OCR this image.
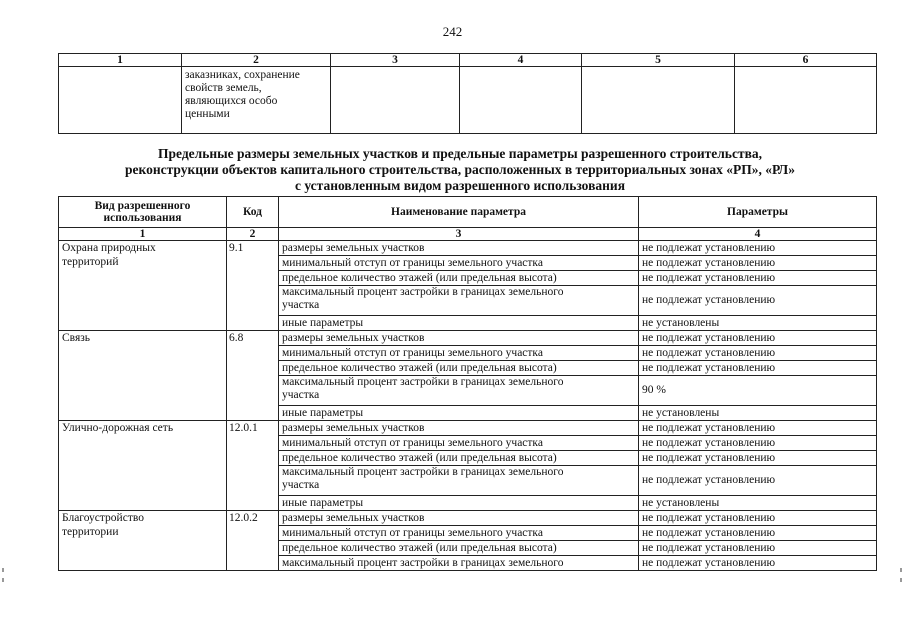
242
1	2	3	4	5	6

	заказниках, сохранение
свойств земель,
являющихся особо
ценными				

Предельные размеры земельных участков и предельные параметры разрешенного строительства,
реконструкции объектов капитального строительства, расположенных в территориальных зонах «РП», «РЛ»
с установленным видом разрешенного использования
Вид разрешенного
использования	Код	Наименование параметра	Параметры
1	2	3	4

Охрана природных
территорий	9.1	размеры земельных участков	не подлежат установлению

		минимальный отступ от границы земельного участка	не подлежат установлению

		предельное количество этажей (или предельная высота)	не подлежат установлению

		максимальный процент застройки в границах земельного
участка	не подлежат установлению

		иные параметры	не установлены

Связь	6.8	размеры земельных участков	не подлежат установлению

		минимальный отступ от границы земельного участка	не подлежат установлению

		предельное количество этажей (или предельная высота)	не подлежат установлению

		максимальный процент застройки в границах земельного
участка	90 %

		иные параметры	не установлены

Улично-дорожная сеть	12.0.1	размеры земельных участков	не подлежат установлению

		минимальный отступ от границы земельного участка	не подлежат установлению

		предельное количество этажей (или предельная высота)	не подлежат установлению

		максимальный процент застройки в границах земельного
участка	не подлежат установлению

		иные параметры	не установлены

Благоустройство
территории	12.0.2	размеры земельных участков	не подлежат установлению

		минимальный отступ от границы земельного участка	не подлежат установлению

		предельное количество этажей (или предельная высота)	не подлежат установлению

		максимальный процент застройки в границах земельного	не подлежат установлению
